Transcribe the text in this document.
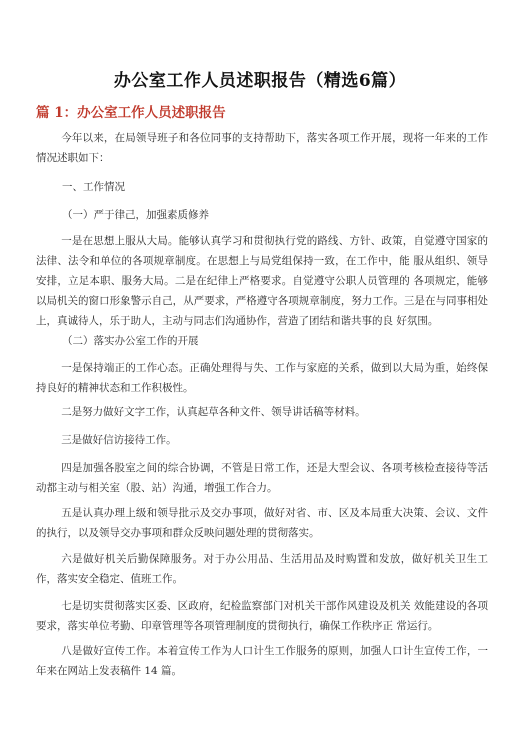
办公室工作人员述职报告（精选6篇）
篇 1：办公室工作人员述职报告
今年以来，在局领导班子和各位同事的支持帮助下，落实各项工作开展，现将一年来的工作情况述职如下：
一、工作情况
（一）严于律己，加强素质修养
一是在思想上服从大局。能够认真学习和贯彻执行党的路线、方针、政策，自觉遵守国家的法律、法令和单位的各项规章制度。在思想上与局党组保持一致，在工作中，能 服从组织、领导安排，立足本职、服务大局。二是在纪律上严格要求。自觉遵守公职人员管理的 各项规定，能够以局机关的窗口形象警示自己，从严要求，严格遵守各项规章制度，努力工作。三是在与同事相处上，真诚待人，乐于助人，主动与同志们沟通协作，营造了团结和谐共事的良 好氛围。
（二）落实办公室工作的开展
一是保持端正的工作心态。正确处理得与失、工作与家庭的关系，做到以大局为重，始终保持良好的精神状态和工作积极性。
二是努力做好文字工作，认真起草各种文件、领导讲话稿等材料。
三是做好信访接待工作。
四是加强各股室之间的综合协调，不管是日常工作，还是大型会议、各项考核检查接待等活动都主动与相关室（股、站）沟通，增强工作合力。
五是认真办理上级和领导批示及交办事项，做好对省、市、区及本局重大决策、会议、文件的执行，以及领导交办事项和群众反映问题处理的贯彻落实。
六是做好机关后勤保障服务。对于办公用品、生活用品及时购置和发放，做好机关卫生工作，落实安全稳定、值班工作。
七是切实贯彻落实区委、区政府，纪检监察部门对机关干部作风建设及机关 效能建设的各项要求，落实单位考勤、印章管理等各项管理制度的贯彻执行，确保工作秩序正 常运行。
八是做好宣传工作。本着宣传工作为人口计生工作服务的原则，加强人口计生宣传工作，一年来在网站上发表稿件 14 篇。
